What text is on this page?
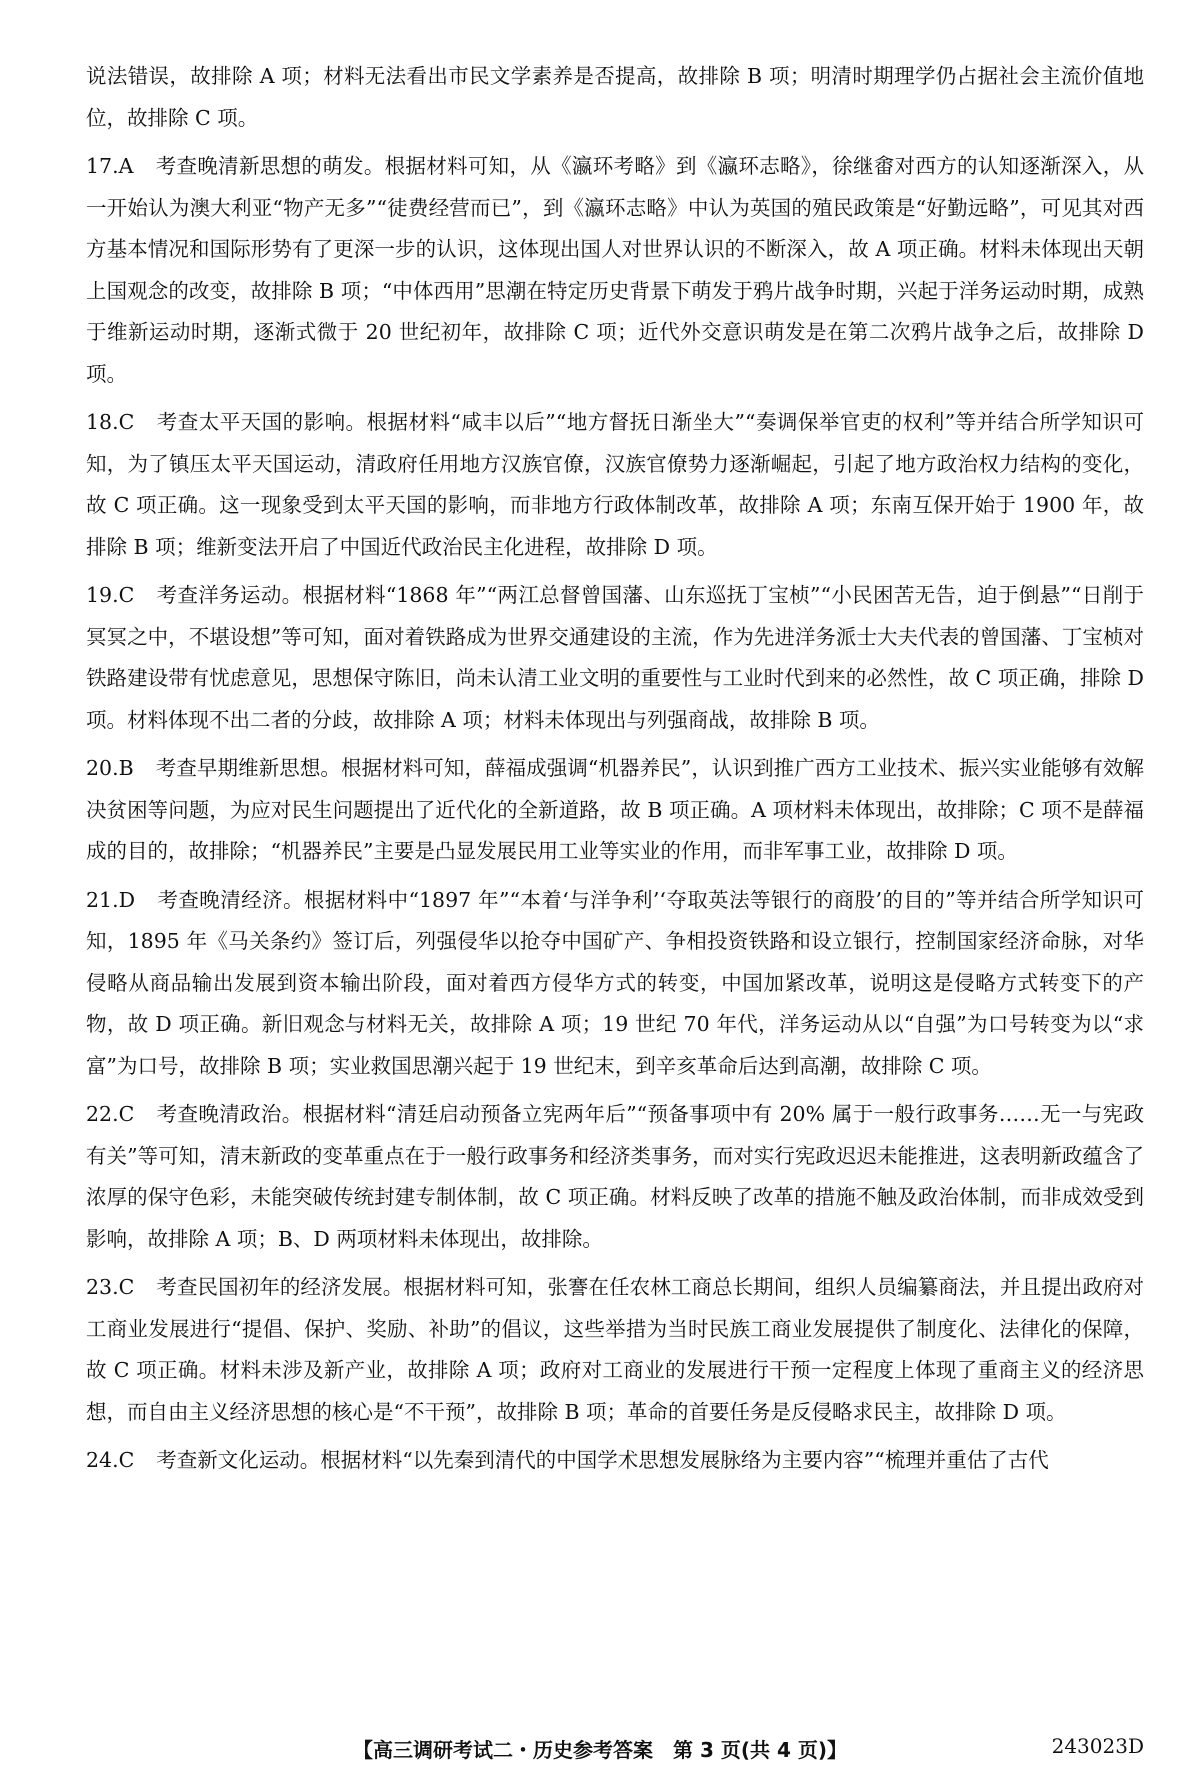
说法错误，故排除 A 项；材料无法看出市民文学素养是否提高，故排除 B 项；明清时期理学仍占据社会主流价值地位，故排除 C 项。

17.A 考查晚清新思想的萌发。根据材料可知，从《瀛环考略》到《瀛环志略》，徐继畬对西方的认知逐渐深入，从一开始认为澳大利亚“物产无多”“徒费经营而已”，到《瀛环志略》中认为英国的殖民政策是“好勤远略”，可见其对西方基本情况和国际形势有了更深一步的认识，这体现出国人对世界认识的不断深入，故 A 项正确。材料未体现出天朝上国观念的改变，故排除 B 项；“中体西用”思潮在特定历史背景下萌发于鸦片战争时期，兴起于洋务运动时期，成熟于维新运动时期，逐渐式微于 20 世纪初年，故排除 C 项；近代外交意识萌发是在第二次鸦片战争之后，故排除 D 项。

18.C 考查太平天国的影响。根据材料“咸丰以后”“地方督抚日渐坐大”“奏调保举官吏的权利”等并结合所学知识可知，为了镇压太平天国运动，清政府任用地方汉族官僚，汉族官僚势力逐渐崛起，引起了地方政治权力结构的变化，故 C 项正确。这一现象受到太平天国的影响，而非地方行政体制改革，故排除 A 项；东南互保开始于 1900 年，故排除 B 项；维新变法开启了中国近代政治民主化进程，故排除 D 项。

19.C 考查洋务运动。根据材料“1868 年”“两江总督曾国藩、山东巡抚丁宝桢”“小民困苦无告，迫于倒悬”“日削于冥冥之中，不堪设想”等可知，面对着铁路成为世界交通建设的主流，作为先进洋务派士大夫代表的曾国藩、丁宝桢对铁路建设带有忧虑意见，思想保守陈旧，尚未认清工业文明的重要性与工业时代到来的必然性，故 C 项正确，排除 D 项。材料体现不出二者的分歧，故排除 A 项；材料未体现出与列强商战，故排除 B 项。

20.B 考查早期维新思想。根据材料可知，薛福成强调“机器养民”，认识到推广西方工业技术、振兴实业能够有效解决贫困等问题，为应对民生问题提出了近代化的全新道路，故 B 项正确。A 项材料未体现出，故排除；C 项不是薛福成的目的，故排除；“机器养民”主要是凸显发展民用工业等实业的作用，而非军事工业，故排除 D 项。

21.D 考查晚清经济。根据材料中“1897 年”“本着‘与洋争利’‘夺取英法等银行的商股’的目的”等并结合所学知识可知，1895 年《马关条约》签订后，列强侵华以抢夺中国矿产、争相投资铁路和设立银行，控制国家经济命脉，对华侵略从商品输出发展到资本输出阶段，面对着西方侵华方式的转变，中国加紧改革，说明这是侵略方式转变下的产物，故 D 项正确。新旧观念与材料无关，故排除 A 项；19 世纪 70 年代，洋务运动从以“自强”为口号转变为以“求富”为口号，故排除 B 项；实业救国思潮兴起于 19 世纪末，到辛亥革命后达到高潮，故排除 C 项。

22.C 考查晚清政治。根据材料“清廷启动预备立宪两年后”“预备事项中有 20% 属于一般行政事务……无一与宪政有关”等可知，清末新政的变革重点在于一般行政事务和经济类事务，而对实行宪政迟迟未能推进，这表明新政蕴含了浓厚的保守色彩，未能突破传统封建专制体制，故 C 项正确。材料反映了改革的措施不触及政治体制，而非成效受到影响，故排除 A 项；B、D 两项材料未体现出，故排除。

23.C 考查民国初年的经济发展。根据材料可知，张謇在任农林工商总长期间，组织人员编纂商法，并且提出政府对工商业发展进行“提倡、保护、奖励、补助”的倡议，这些举措为当时民族工商业发展提供了制度化、法律化的保障，故 C 项正确。材料未涉及新产业，故排除 A 项；政府对工商业的发展进行干预一定程度上体现了重商主义的经济思想，而自由主义经济思想的核心是“不干预”，故排除 B 项；革命的首要任务是反侵略求民主，故排除 D 项。

24.C 考查新文化运动。根据材料“以先秦到清代的中国学术思想发展脉络为主要内容”“梳理并重估了古代

【高三调研考试二・历史参考答案　第 3 页(共 4 页)】	243023D
